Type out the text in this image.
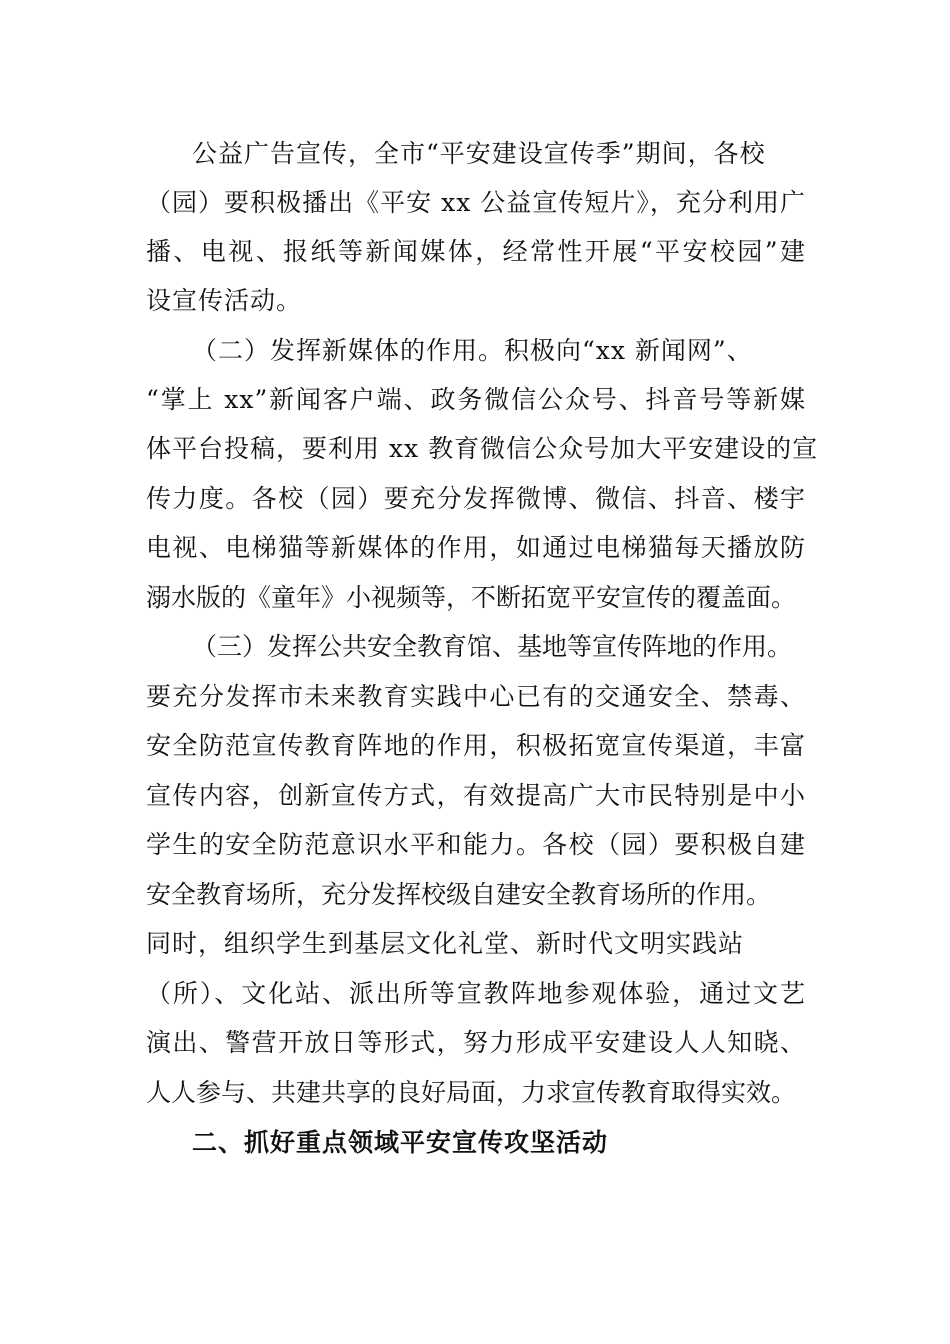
公益广告宣传，全市“平安建设宣传季”期间，各校
（园）要积极播出《平安 xx 公益宣传短片》，充分利用广
播、电视、报纸等新闻媒体，经常性开展“平安校园”建
设宣传活动。
（二）发挥新媒体的作用。积极向“xx 新闻网”、
“掌上 xx”新闻客户端、政务微信公众号、抖音号等新媒
体平台投稿，要利用 xx 教育微信公众号加大平安建设的宣
传力度。各校（园）要充分发挥微博、微信、抖音、楼宇
电视、电梯猫等新媒体的作用，如通过电梯猫每天播放防
溺水版的《童年》小视频等，不断拓宽平安宣传的覆盖面。
（三）发挥公共安全教育馆、基地等宣传阵地的作用。
要充分发挥市未来教育实践中心已有的交通安全、禁毒、
安全防范宣传教育阵地的作用，积极拓宽宣传渠道，丰富
宣传内容，创新宣传方式，有效提高广大市民特别是中小
学生的安全防范意识水平和能力。各校（园）要积极自建
安全教育场所，充分发挥校级自建安全教育场所的作用。
同时，组织学生到基层文化礼堂、新时代文明实践站
（所）、文化站、派出所等宣教阵地参观体验，通过文艺
演出、警营开放日等形式，努力形成平安建设人人知晓、
人人参与、共建共享的良好局面，力求宣传教育取得实效。
二、抓好重点领域平安宣传攻坚活动
